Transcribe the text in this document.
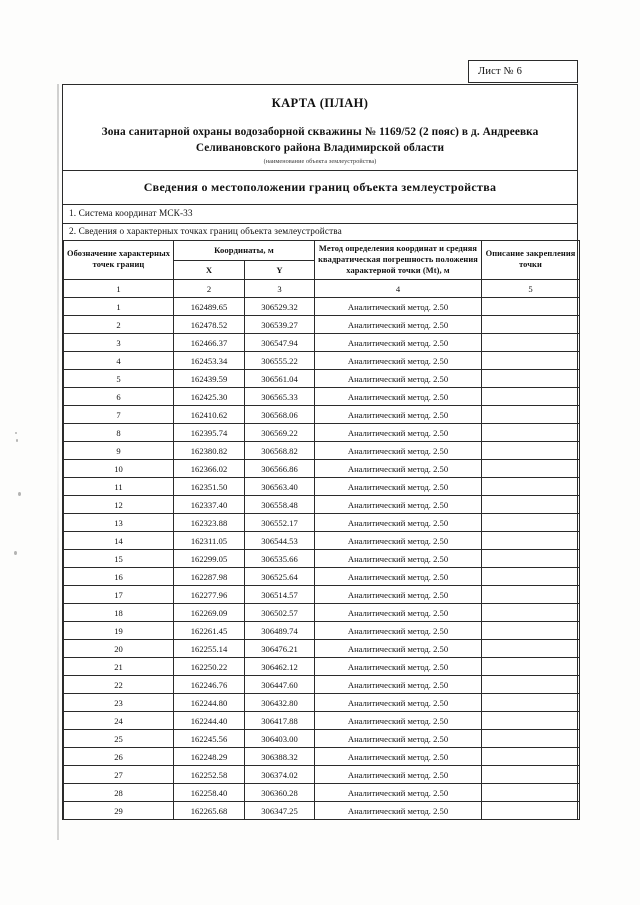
Лист № 6
КАРТА (ПЛАН)
Зона санитарной охраны водозаборной скважины № 1169/52 (2 пояс) в д. Андреевка Селивановского района Владимирской области
(наименование объекта землеустройства)
Сведения о местоположении границ объекта землеустройства
1. Система координат МСК-33
2. Сведения о характерных точках границ объекта землеустройства
Обозначение характерных точек границ	Координаты, м		Метод определения координат и средняя квадратическая погрешность положения характерной точки (Мt), м	Описание закрепления точки
	X	Y		
1	2	3	4	5
1	162489.65	306529.32	Аналитический метод. 2.50	
2	162478.52	306539.27	Аналитический метод. 2.50	
3	162466.37	306547.94	Аналитический метод. 2.50	
4	162453.34	306555.22	Аналитический метод. 2.50	
5	162439.59	306561.04	Аналитический метод. 2.50	
6	162425.30	306565.33	Аналитический метод. 2.50	
7	162410.62	306568.06	Аналитический метод. 2.50	
8	162395.74	306569.22	Аналитический метод. 2.50	
9	162380.82	306568.82	Аналитический метод. 2.50	
10	162366.02	306566.86	Аналитический метод. 2.50	
11	162351.50	306563.40	Аналитический метод. 2.50	
12	162337.40	306558.48	Аналитический метод. 2.50	
13	162323.88	306552.17	Аналитический метод. 2.50	
14	162311.05	306544.53	Аналитический метод. 2.50	
15	162299.05	306535.66	Аналитический метод. 2.50	
16	162287.98	306525.64	Аналитический метод. 2.50	
17	162277.96	306514.57	Аналитический метод. 2.50	
18	162269.09	306502.57	Аналитический метод. 2.50	
19	162261.45	306489.74	Аналитический метод. 2.50	
20	162255.14	306476.21	Аналитический метод. 2.50	
21	162250.22	306462.12	Аналитический метод. 2.50	
22	162246.76	306447.60	Аналитический метод. 2.50	
23	162244.80	306432.80	Аналитический метод. 2.50	
24	162244.40	306417.88	Аналитический метод. 2.50	
25	162245.56	306403.00	Аналитический метод. 2.50	
26	162248.29	306388.32	Аналитический метод. 2.50	
27	162252.58	306374.02	Аналитический метод. 2.50	
28	162258.40	306360.28	Аналитический метод. 2.50	
29	162265.68	306347.25	Аналитический метод. 2.50	
